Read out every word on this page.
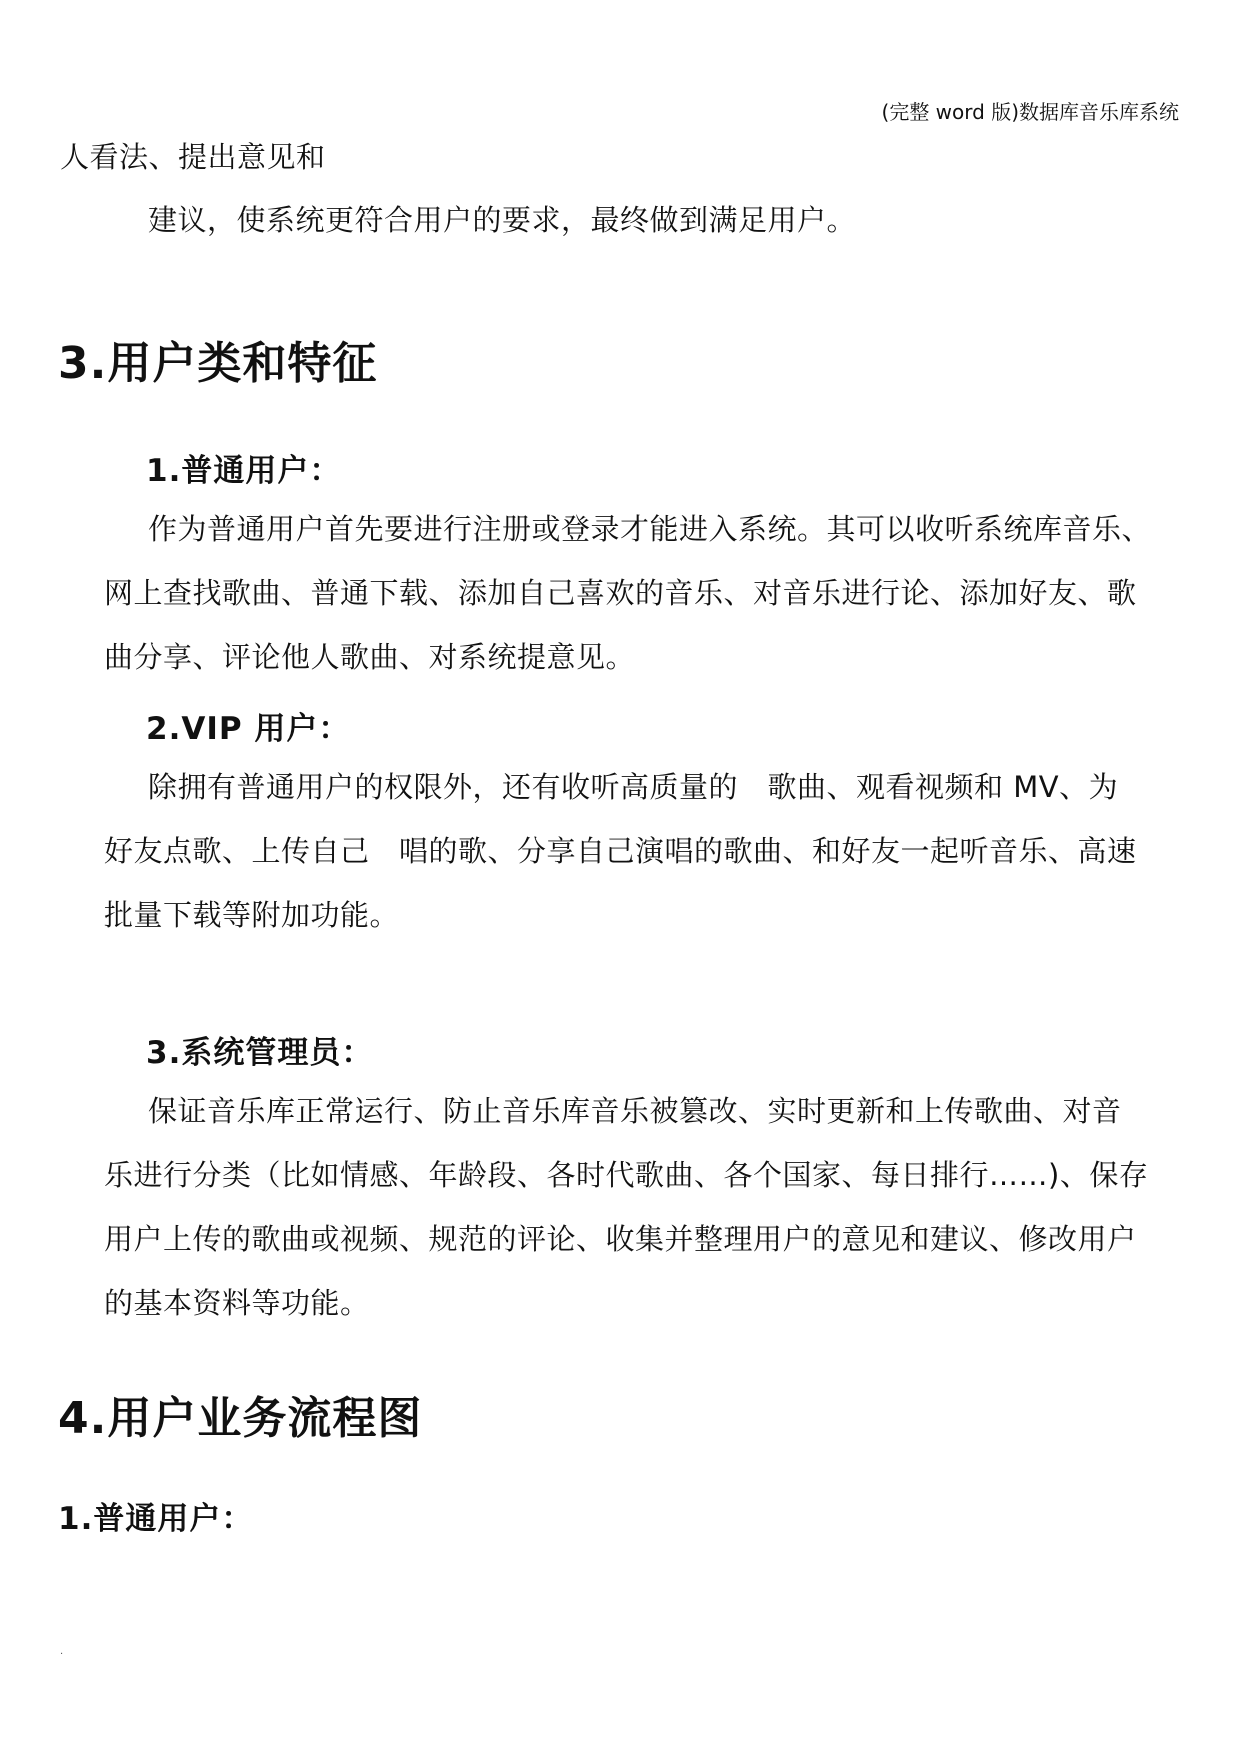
(完整 word 版)数据库音乐库系统
人看法、提出意见和
建议，使系统更符合用户的要求，最终做到满足用户。
3.用户类和特征
1.普通用户：
作为普通用户首先要进行注册或登录才能进入系统。其可以收听系统库音乐、
网上查找歌曲、普通下载、添加自己喜欢的音乐、对音乐进行论、添加好友、歌
曲分享、评论他人歌曲、对系统提意见。
2.VIP 用户：
除拥有普通用户的权限外，还有收听高质量的　歌曲、观看视频和 MV、为
好友点歌、上传自己　唱的歌、分享自己演唱的歌曲、和好友一起听音乐、高速
批量下载等附加功能。
3.系统管理员：
保证音乐库正常运行、防止音乐库音乐被篡改、实时更新和上传歌曲、对音
乐进行分类（比如情感、年龄段、各时代歌曲、各个国家、每日排行……)、保存
用户上传的歌曲或视频、规范的评论、收集并整理用户的意见和建议、修改用户
的基本资料等功能。
4.用户业务流程图
1.普通用户：
.
